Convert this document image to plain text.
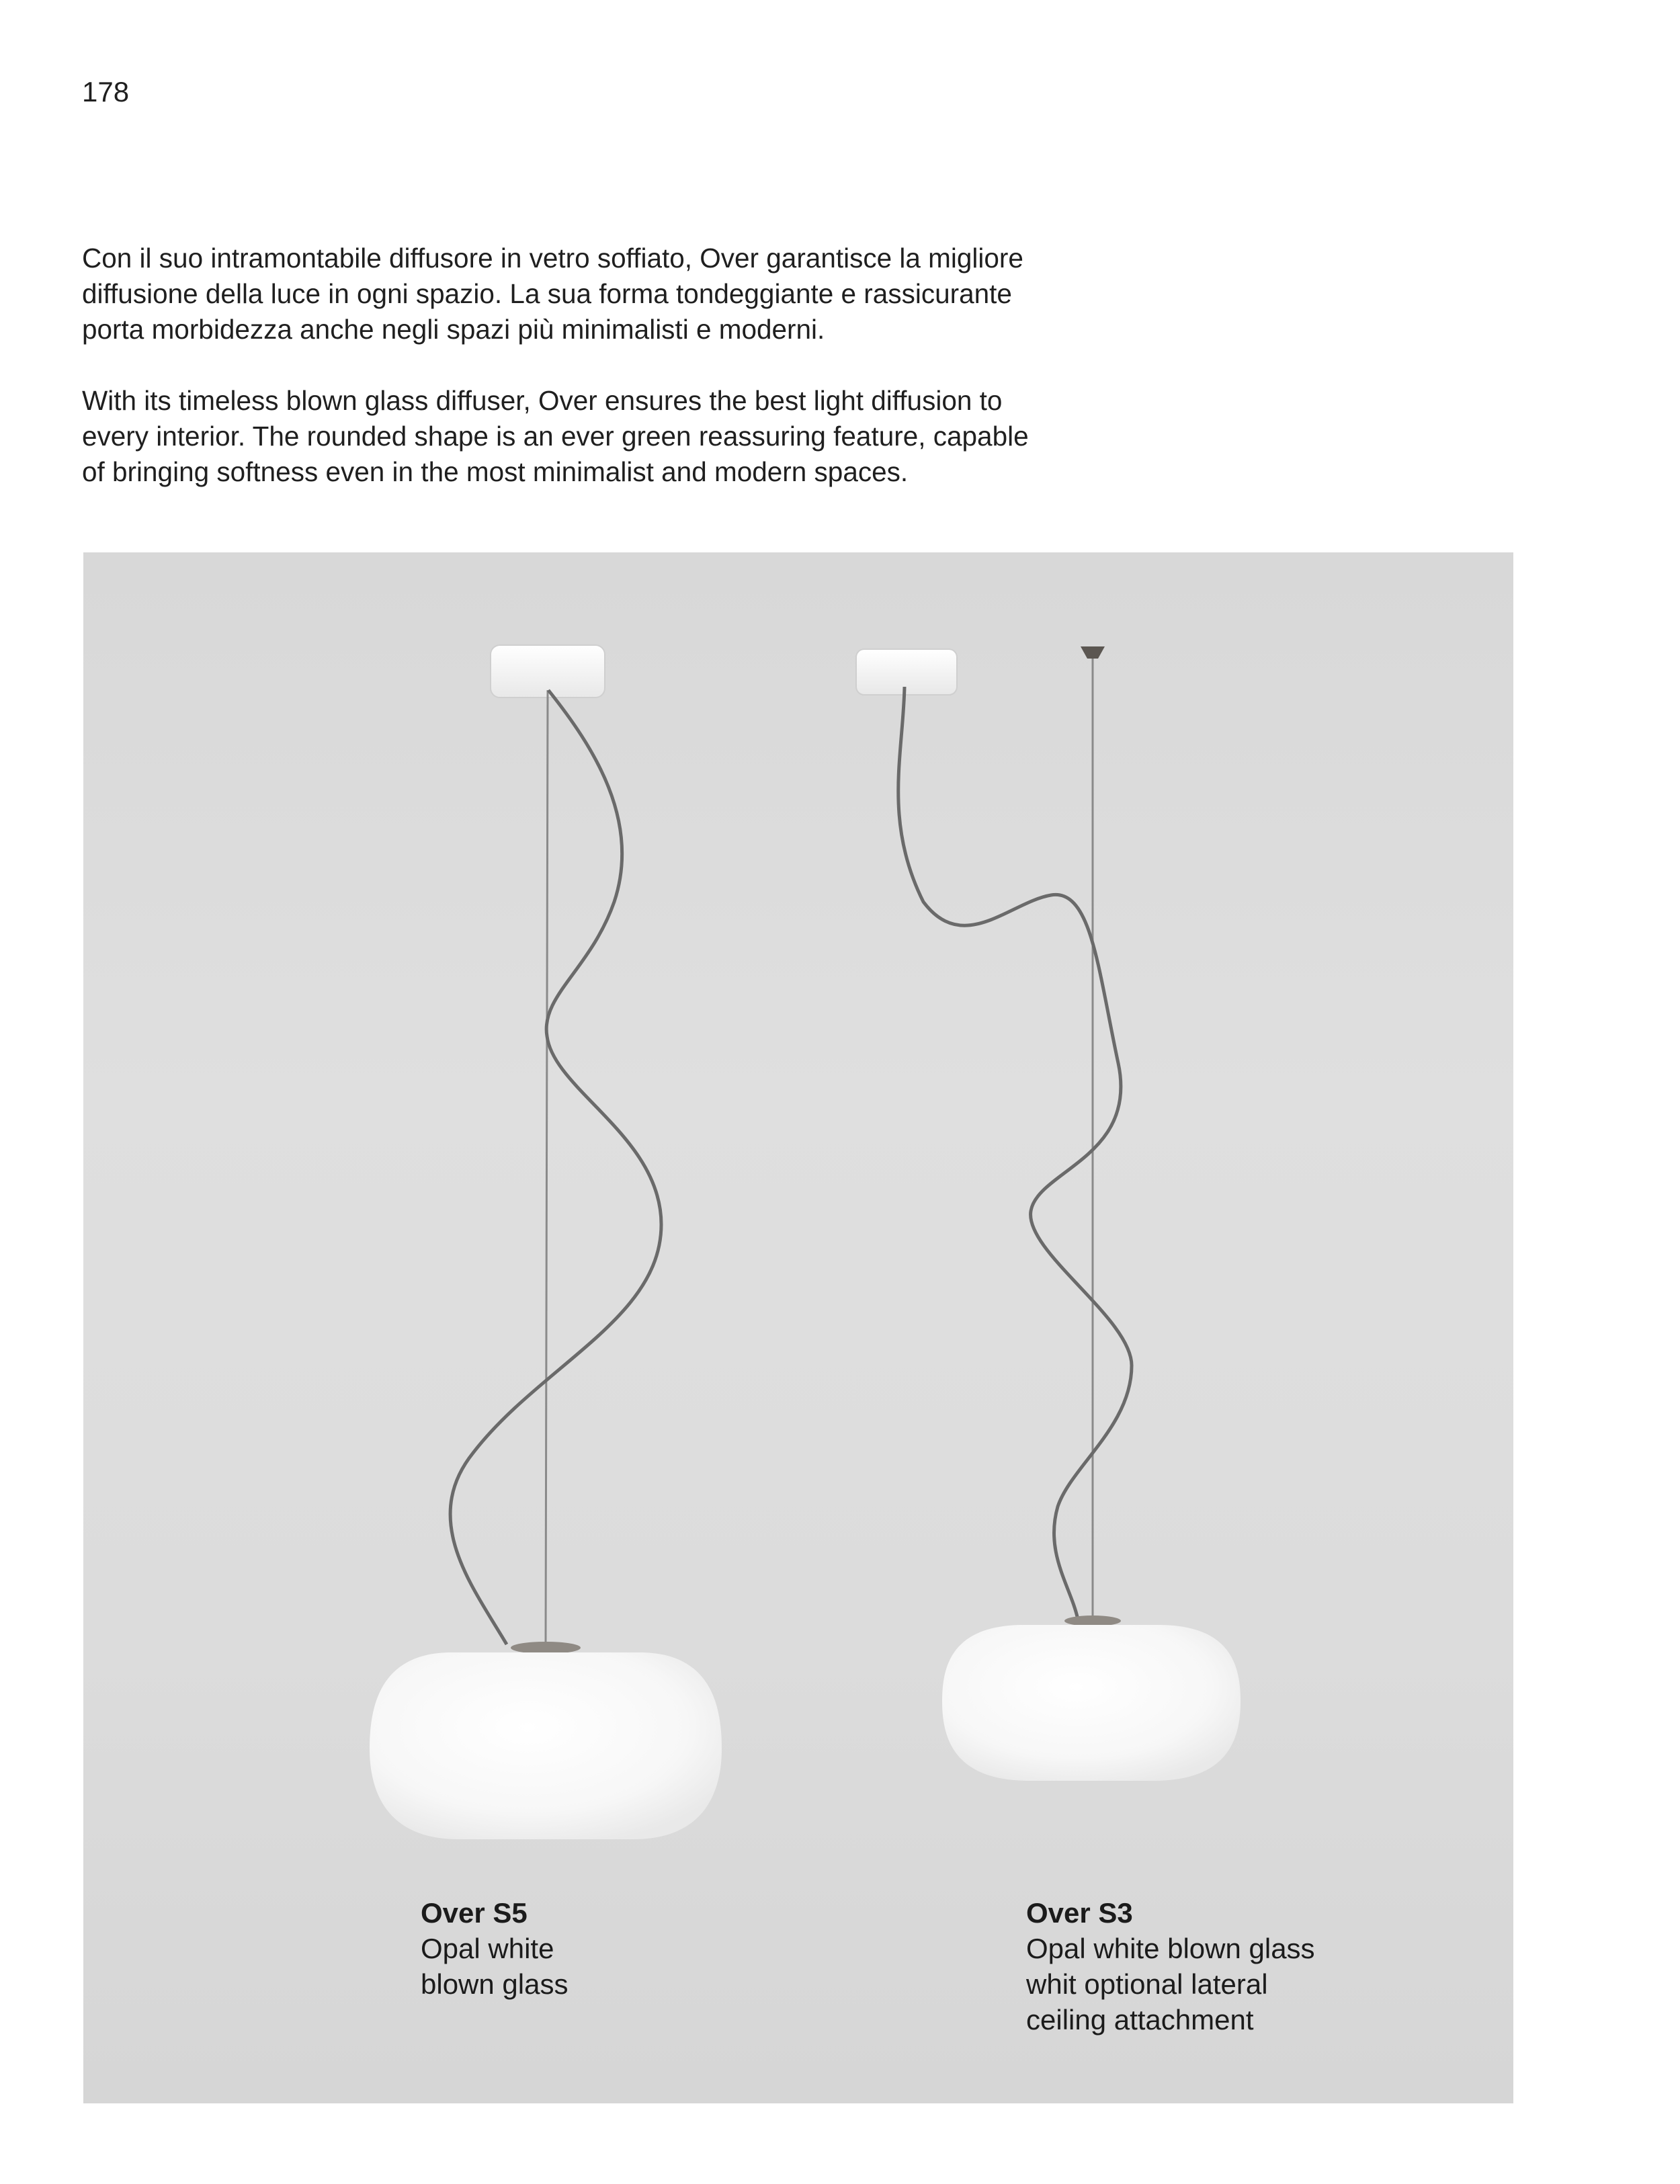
178

Con il suo intramontabile diffusore in vetro soffiato, Over garantisce la migliore
diffusione della luce in ogni spazio. La sua forma tondeggiante e rassicurante
porta morbidezza anche negli spazi più minimalisti e moderni.

With its timeless blown glass diffuser, Over ensures the best light diffusion to
every interior. The rounded shape is an ever green reassuring feature, capable
of bringing softness even in the most minimalist and modern spaces.

Over S5
Opal white
blown glass
Over S3
Opal white blown glass
whit optional lateral
ceiling attachment
